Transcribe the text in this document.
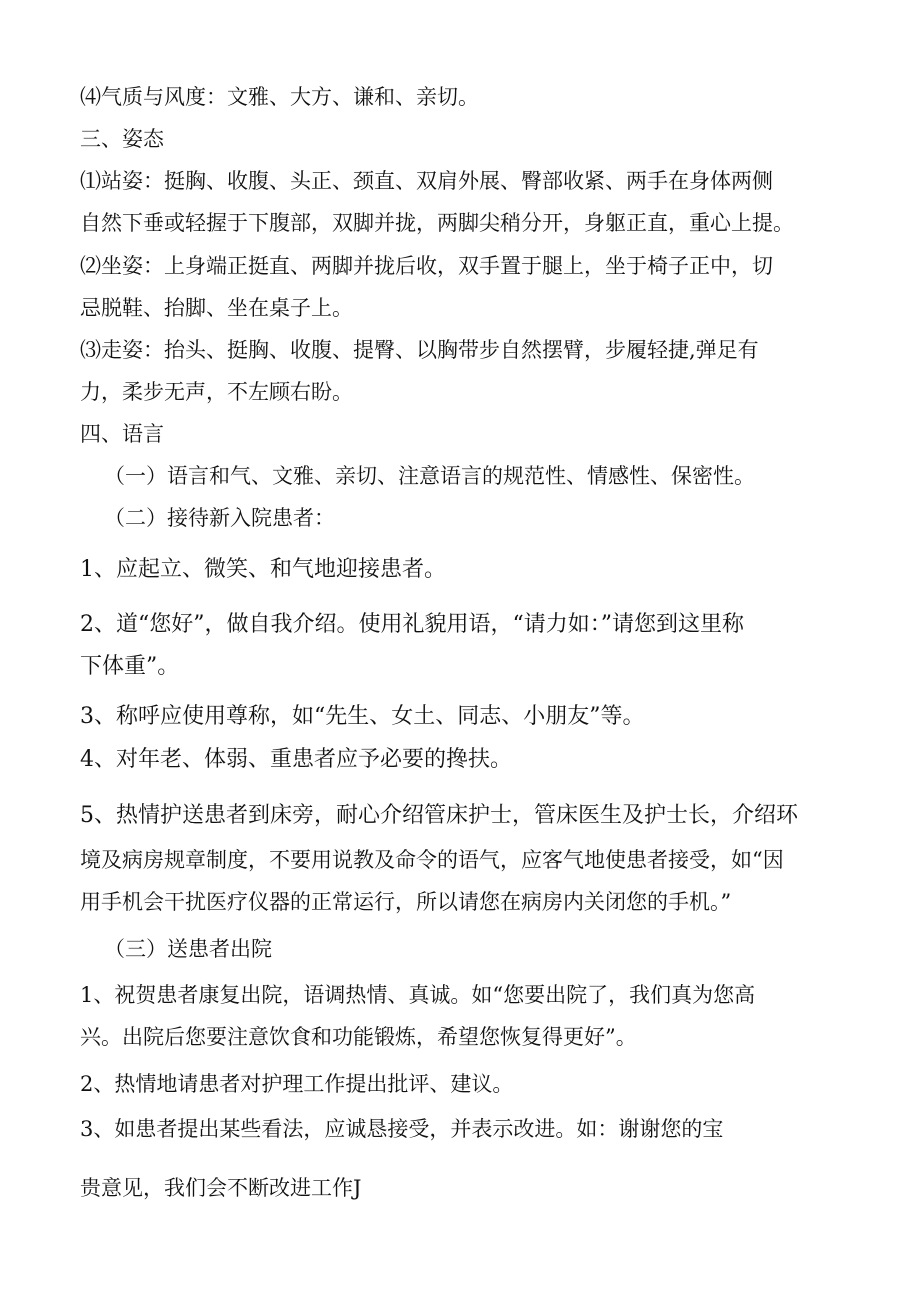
⑷气质与风度：文雅、大方、谦和、亲切。
三、姿态
⑴站姿：挺胸、收腹、头正、颈直、双肩外展、臀部收紧、两手在身体两侧
自然下垂或轻握于下腹部，双脚并拢，两脚尖稍分开，身躯正直，重心上提。
⑵坐姿：上身端正挺直、两脚并拢后收，双手置于腿上，坐于椅子正中，切
忌脱鞋、抬脚、坐在桌子上。
⑶走姿：抬头、挺胸、收腹、提臀、以胸带步自然摆臂，步履轻捷,弹足有
力，柔步无声，不左顾右盼。
四、语言
（一）语言和气、文雅、亲切、注意语言的规范性、情感性、保密性。
（二）接待新入院患者：
1、应起立、微笑、和气地迎接患者。
2、道“您好”，做自我介绍。使用礼貌用语，“请力如：”请您到这里称
下体重”。
3、称呼应使用尊称，如“先生、女土、同志、小朋友”等。
4、对年老、体弱、重患者应予必要的搀扶。
5、热情护送患者到床旁，耐心介绍管床护士，管床医生及护士长，介绍环
境及病房规章制度，不要用说教及命令的语气，应客气地使患者接受，如“因
用手机会干扰医疗仪器的正常运行，所以请您在病房内关闭您的手机。”
（三）送患者出院
1、祝贺患者康复出院，语调热情、真诚。如“您要出院了，我们真为您高
兴。出院后您要注意饮食和功能锻炼，希望您恢复得更好”。
2、热情地请患者对护理工作提出批评、建议。
3、如患者提出某些看法，应诚恳接受，并表示改进。如：谢谢您的宝
贵意见，我们会不断改进工作J
